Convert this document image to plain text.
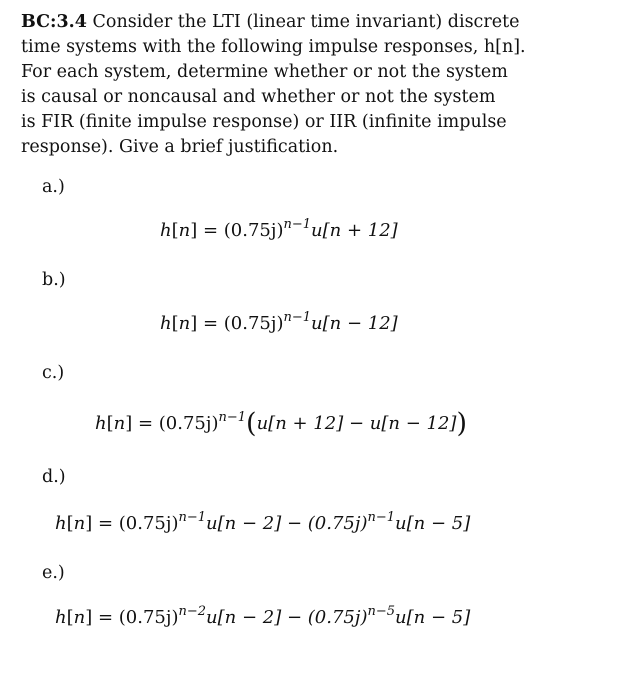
BC:3.4 Consider the LTI (linear time invariant) discrete
time systems with the following impulse responses, h[n].
For each system, determine whether or not the system
is causal or noncausal and whether or not the system
is FIR (finite impulse response) or IIR (infinite impulse
response). Give a brief justification.
a.)
$h[n] = (0.75j)^{n-1}u[n + 12]$
b.)
$h[n] = (0.75j)^{n-1}u[n - 12]$
c.)
$h[n] = (0.75j)^{n-1}(u[n + 12] - u[n - 12])$
d.)
$h[n] = (0.75j)^{n-1}u[n - 2] - (0.75j)^{n-1}u[n - 5]$
e.)
$h[n] = (0.75j)^{n-2}u[n - 2] - (0.75j)^{n-5}u[n - 5]$
